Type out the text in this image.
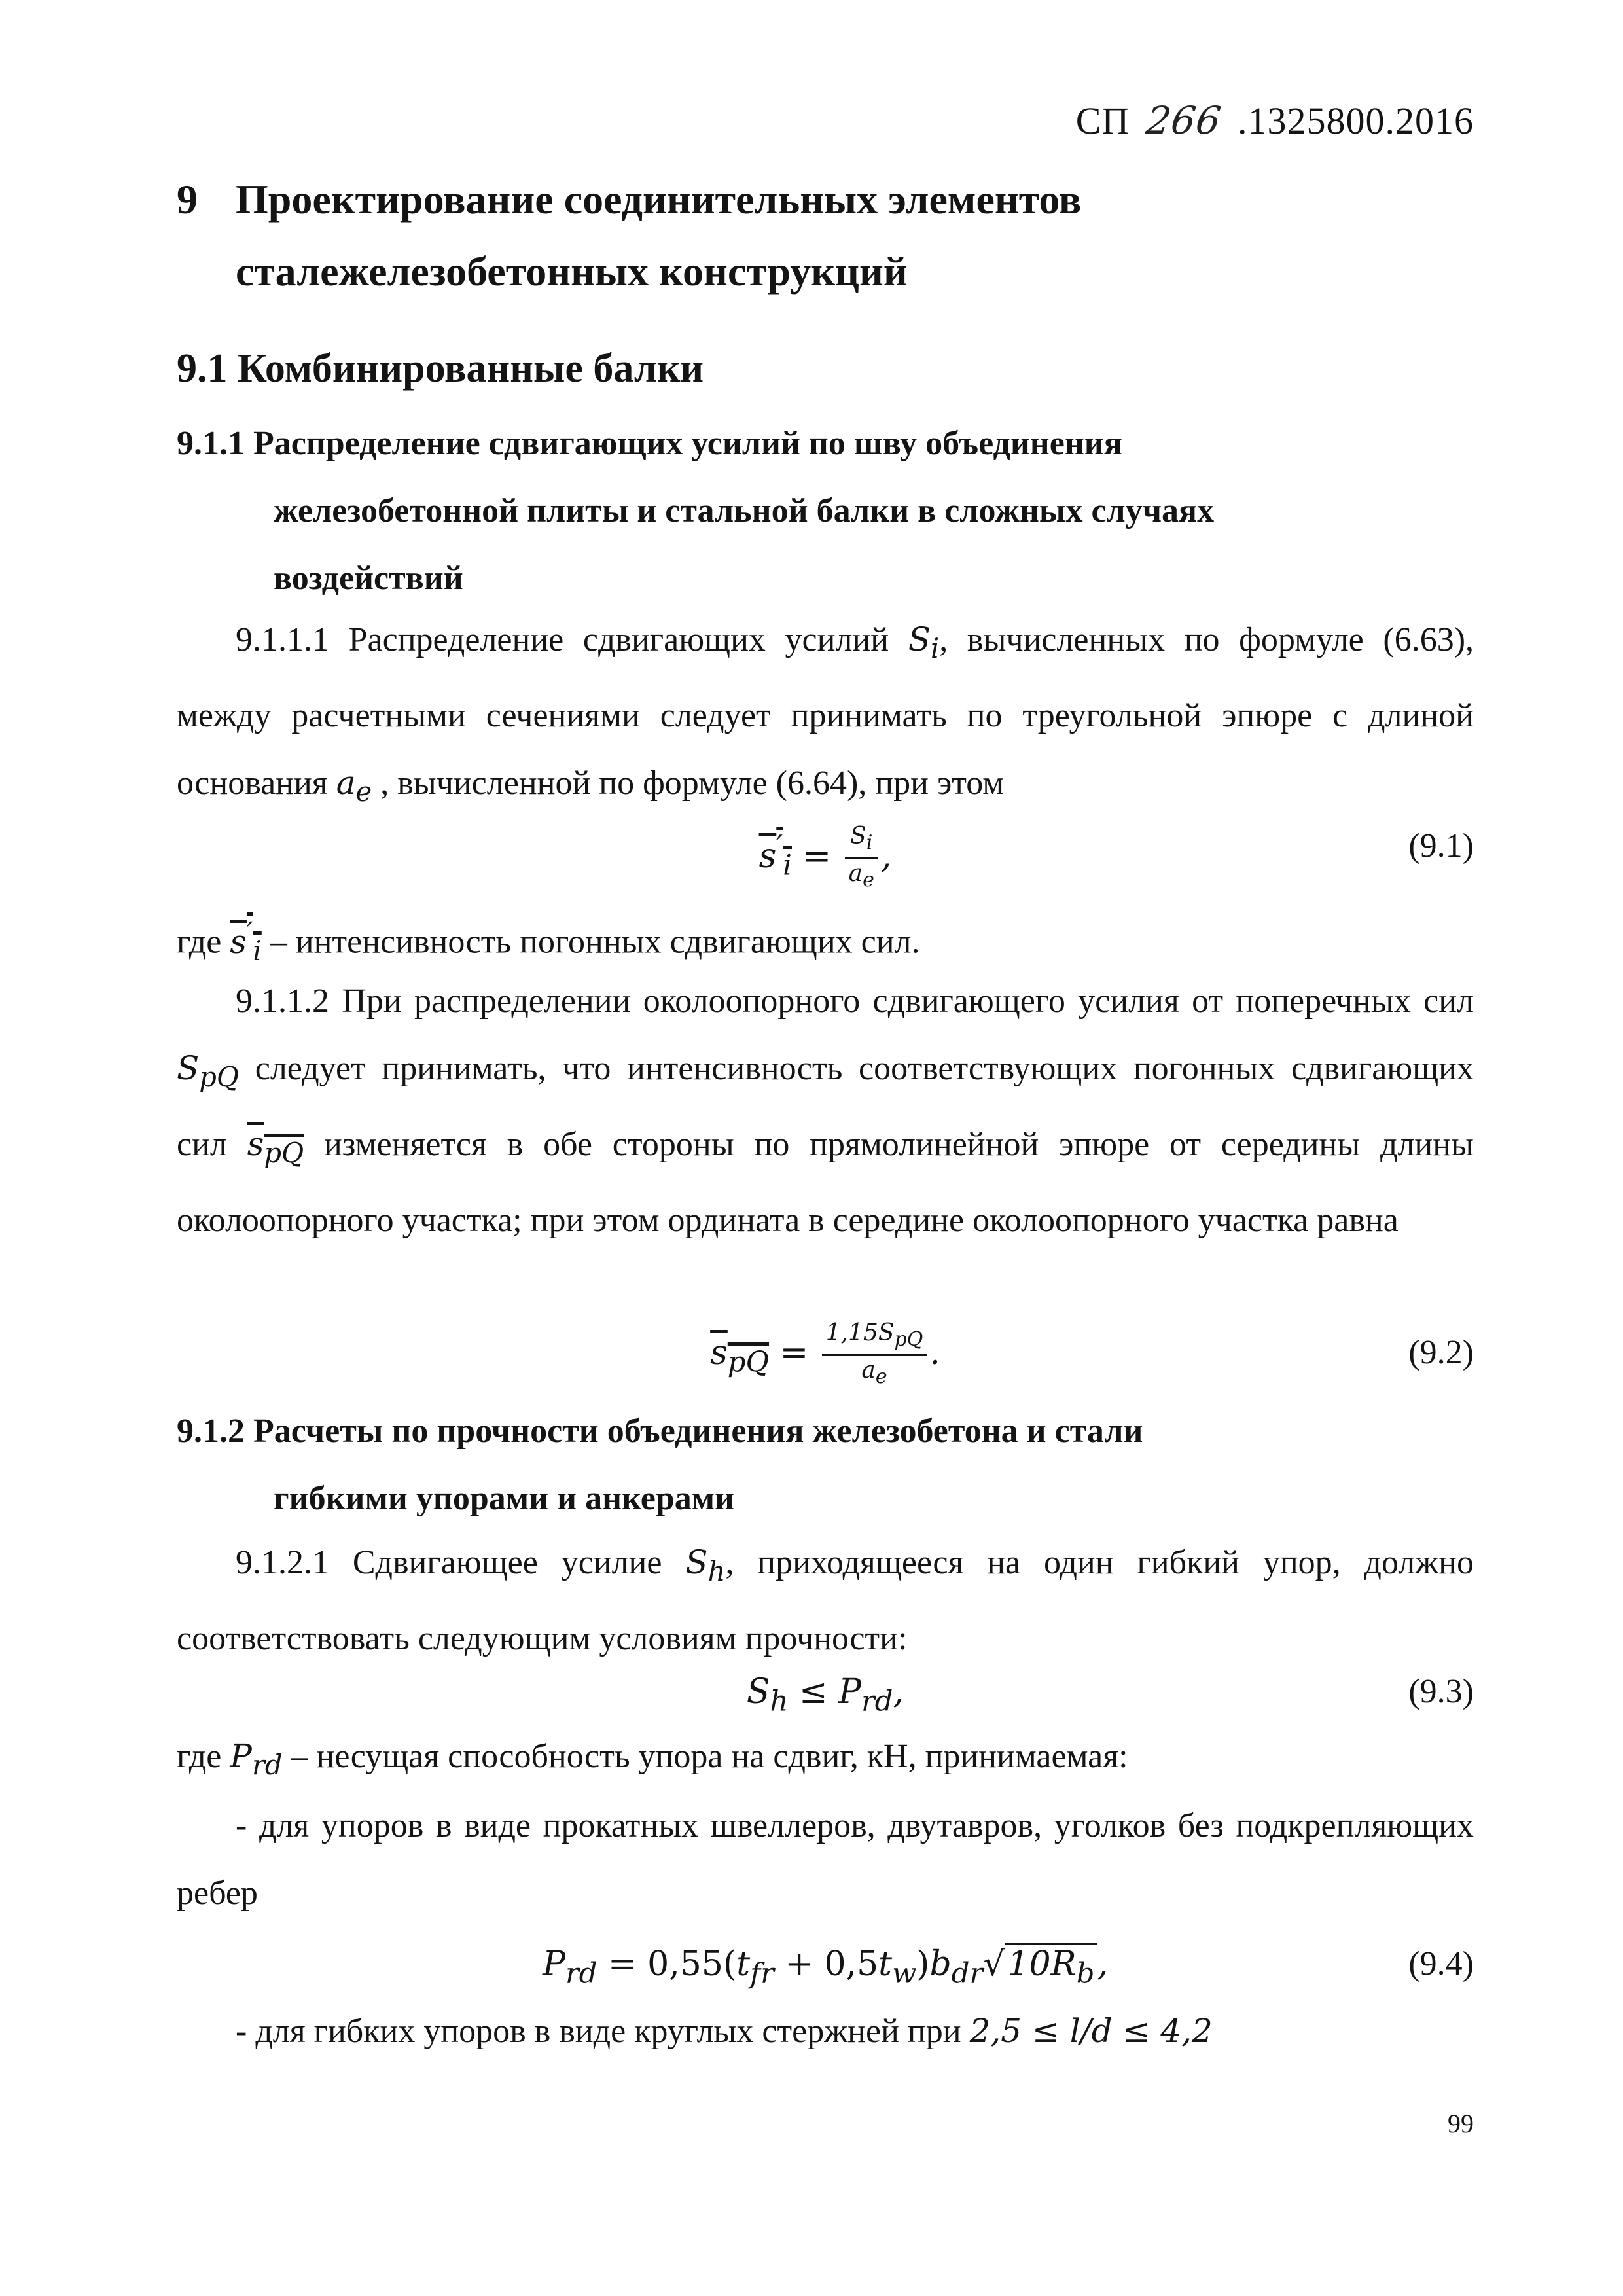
СП 266 .1325800.2016
9 Проектирование соединительных элементов
сталежелезобетонных конструкций
9.1 Комбинированные балки
9.1.1 Распределение сдвигающих усилий по шву объединения
железобетонной плиты и стальной балки в сложных случаях
воздействий
9.1.1.1 Распределение сдвигающих усилий $S_i$, вычисленных по формуле (6.63), между расчетными сечениями следует принимать по треугольной эпюре с длиной основания $a_e$ , вычисленной по формуле (6.64), при этом
$s'_i = \frac{S_i}{a_e}$ ,	(9.1)
где $s'_i$ – интенсивность погонных сдвигающих сил.
9.1.1.2 При распределении околоопорного сдвигающего усилия от поперечных сил $S_{pQ}$ следует принимать, что интенсивность соответствующих погонных сдвигающих сил $s_{pQ}$ изменяется в обе стороны по прямолинейной эпюре от середины длины околоопорного участка; при этом ордината в середине околоопорного участка равна
$s_{pQ} = \frac{1,15S_{pQ}}{a_e}$ .	(9.2)
9.1.2 Расчеты по прочности объединения железобетона и стали
гибкими упорами и анкерами
9.1.2.1 Сдвигающее усилие $S_h$, приходящееся на один гибкий упор, должно соответствовать следующим условиям прочности:
$S_h \le P_{rd}$,	(9.3)
где $P_{rd}$ – несущая способность упора на сдвиг, кН, принимаемая:
- для упоров в виде прокатных швеллеров, двутавров, уголков без подкрепляющих ребер
$P_{rd} = 0,55(t_{fr} + 0,5t_w)b_{dr}√10R_b$,	(9.4)
- для гибких упоров в виде круглых стержней при 2,5 ≤ l/d ≤ 4,2
99
